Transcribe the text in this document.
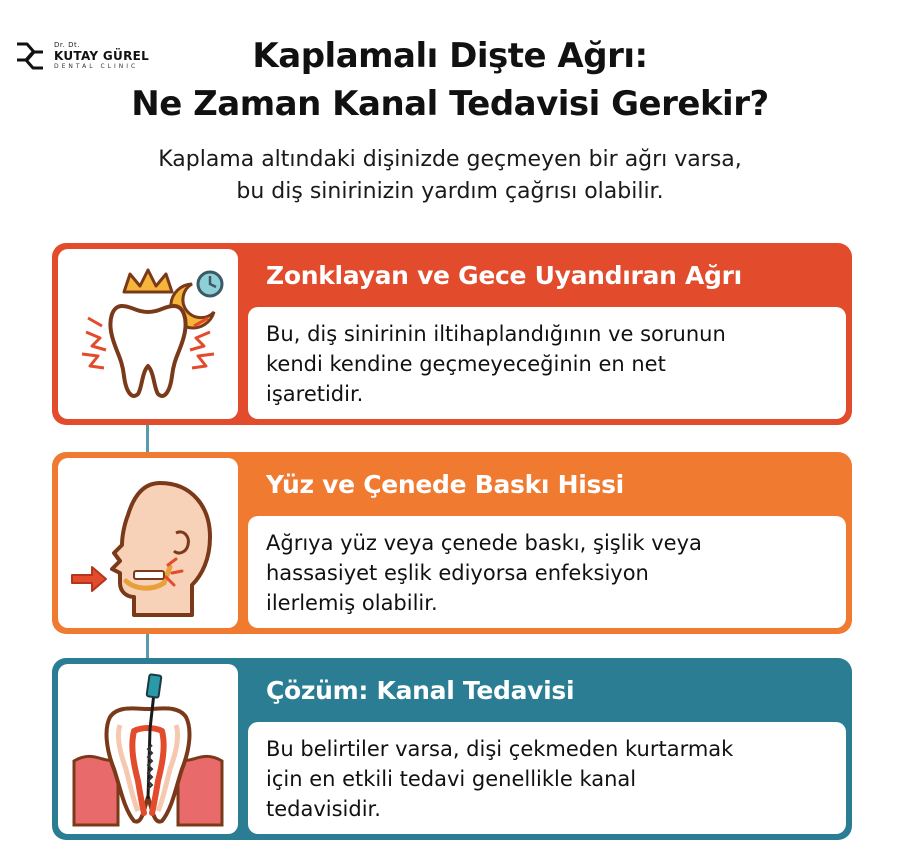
Dr. Dt.
KUTAY GÜREL
DENTAL CLINIC	Kaplamalı Dişte Ağrı:
Ne Zaman Kanal Tedavisi Gerekir?

Kaplama altındaki dişinizde geçmeyen bir ağrı varsa,
bu diş sinirinizin yardım çağrısı olabilir.

Zonklayan ve Gece Uyandıran Ağrı
Bu, diş sinirinin iltihaplandığının ve sorunun
kendi kendine geçmeyeceğinin en net
işaretidir.
Yüz ve Çenede Baskı Hissi
Ağrıya yüz veya çenede baskı, şişlik veya
hassasiyet eşlik ediyorsa enfeksiyon
ilerlemiş olabilir.
Çözüm: Kanal Tedavisi
Bu belirtiler varsa, dişi çekmeden kurtarmak
için en etkili tedavi genellikle kanal
tedavisidir.
